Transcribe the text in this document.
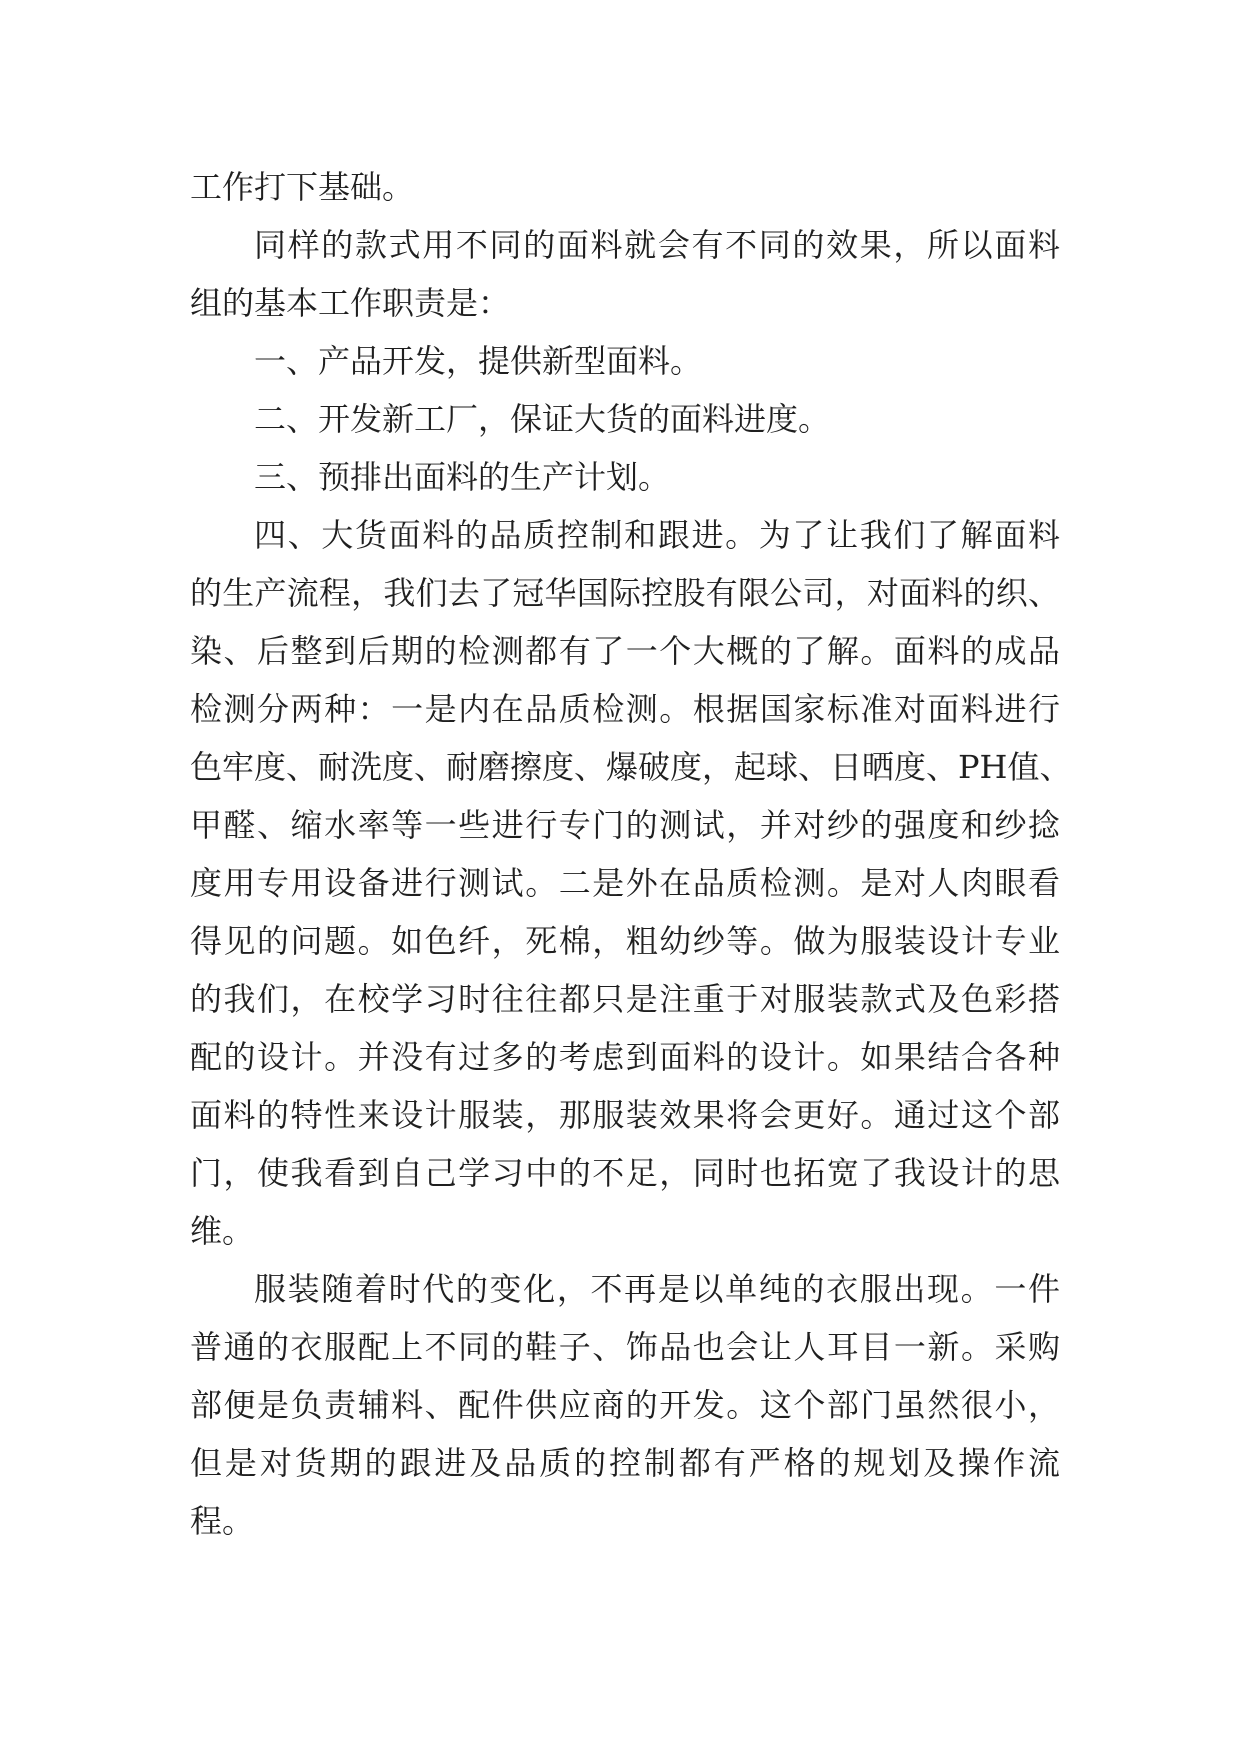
工作打下基础。
同样的款式用不同的面料就会有不同的效果，所以面料
组的基本工作职责是：
一、产品开发，提供新型面料。
二、开发新工厂，保证大货的面料进度。
三、预排出面料的生产计划。
四、大货面料的品质控制和跟进。为了让我们了解面料
的生产流程，我们去了冠华国际控股有限公司，对面料的织、
染、后整到后期的检测都有了一个大概的了解。面料的成品
检测分两种：一是内在品质检测。根据国家标准对面料进行
色牢度、耐洗度、耐磨擦度、爆破度，起球、日晒度、PH值、
甲醛、缩水率等一些进行专门的测试，并对纱的强度和纱捻
度用专用设备进行测试。二是外在品质检测。是对人肉眼看
得见的问题。如色纤，死棉，粗幼纱等。做为服装设计专业
的我们，在校学习时往往都只是注重于对服装款式及色彩搭
配的设计。并没有过多的考虑到面料的设计。如果结合各种
面料的特性来设计服装，那服装效果将会更好。通过这个部
门，使我看到自己学习中的不足，同时也拓宽了我设计的思
维。
服装随着时代的变化，不再是以单纯的衣服出现。一件
普通的衣服配上不同的鞋子、饰品也会让人耳目一新。采购
部便是负责辅料、配件供应商的开发。这个部门虽然很小，
但是对货期的跟进及品质的控制都有严格的规划及操作流
程。
